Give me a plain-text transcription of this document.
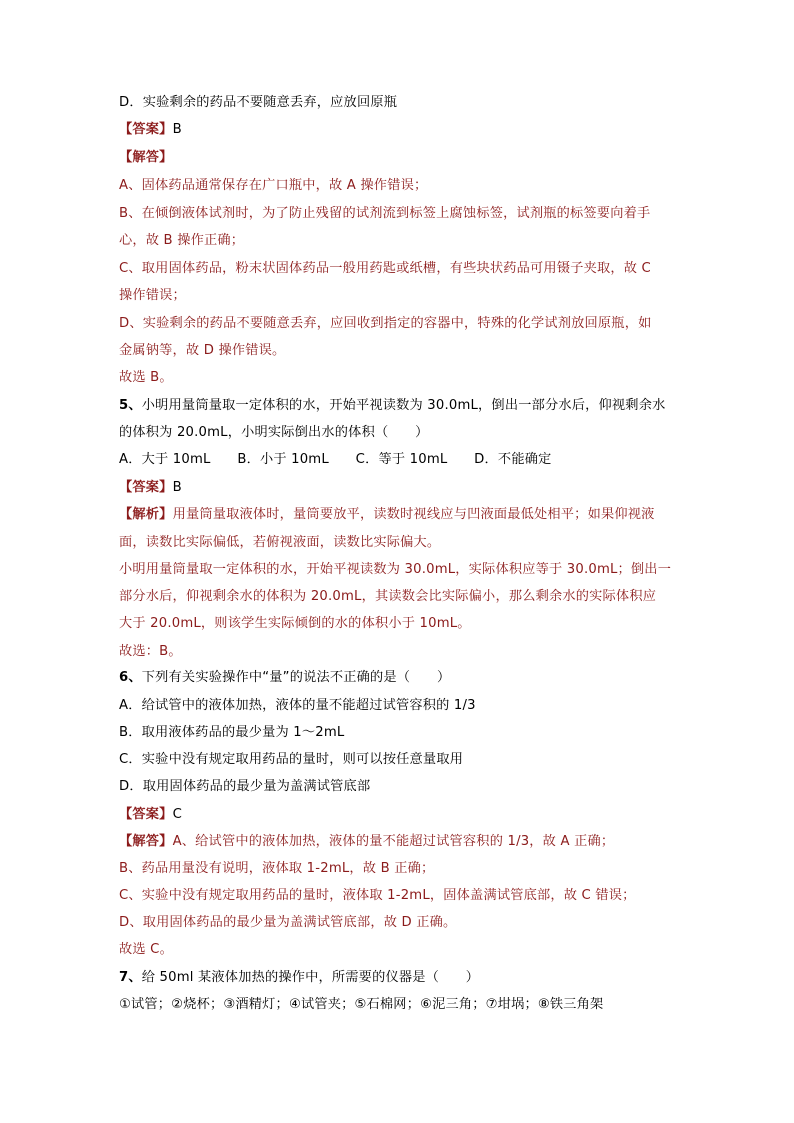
D．实验剩余的药品不要随意丢弃，应放回原瓶
【答案】B
【解答】
A、固体药品通常保存在广口瓶中，故 A 操作错误；
B、在倾倒液体试剂时，为了防止残留的试剂流到标签上腐蚀标签，试剂瓶的标签要向着手
心，故 B 操作正确；
C、取用固体药品，粉末状固体药品一般用药匙或纸槽，有些块状药品可用镊子夹取，故 C
操作错误；
D、实验剩余的药品不要随意丢弃，应回收到指定的容器中，特殊的化学试剂放回原瓶，如
金属钠等，故 D 操作错误。
故选 B。
5、小明用量筒量取一定体积的水，开始平视读数为 30.0mL，倒出一部分水后，仰视剩余水
的体积为 20.0mL，小明实际倒出水的体积（　　）
A．大于 10mL　　B．小于 10mL　　C．等于 10mL　　D．不能确定
【答案】B
【解析】用量筒量取液体时，量筒要放平，读数时视线应与凹液面最低处相平；如果仰视液
面，读数比实际偏低，若俯视液面，读数比实际偏大。
小明用量筒量取一定体积的水，开始平视读数为 30.0mL，实际体积应等于 30.0mL；倒出一
部分水后，仰视剩余水的体积为 20.0mL，其读数会比实际偏小，那么剩余水的实际体积应
大于 20.0mL，则该学生实际倾倒的水的体积小于 10mL。
故选：B。
6、下列有关实验操作中“量”的说法不正确的是（　　）
A．给试管中的液体加热，液体的量不能超过试管容积的 1/3
B．取用液体药品的最少量为 1～2mL
C．实验中没有规定取用药品的量时，则可以按任意量取用
D．取用固体药品的最少量为盖满试管底部
【答案】C
【解答】A、给试管中的液体加热，液体的量不能超过试管容积的 1/3，故 A 正确；
B、药品用量没有说明，液体取 1-2mL，故 B 正确；
C、实验中没有规定取用药品的量时，液体取 1-2mL，固体盖满试管底部，故 C 错误；
D、取用固体药品的最少量为盖满试管底部，故 D 正确。
故选 C。
7、给 50ml 某液体加热的操作中，所需要的仪器是（　　）
①试管；②烧杯；③酒精灯；④试管夹；⑤石棉网；⑥泥三角；⑦坩埚；⑧铁三角架
